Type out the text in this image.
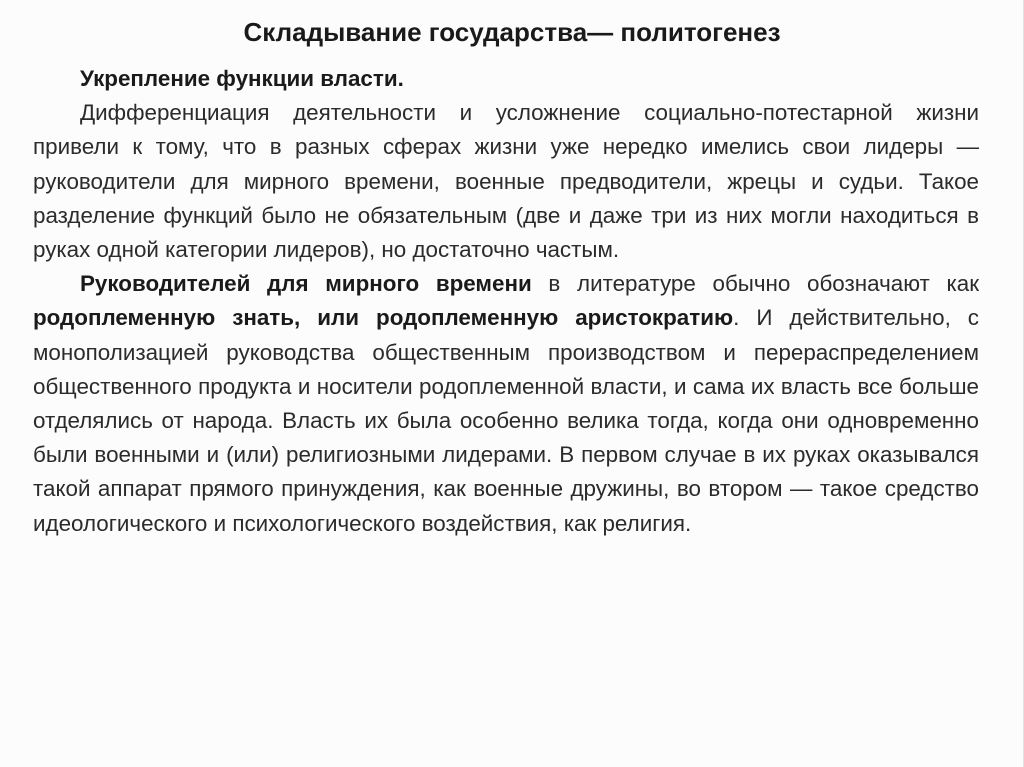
Складывание государства— политогенез

Укрепление функции власти.

Дифференциация деятельности и усложнение социально-потестарной жизни привели к тому, что в разных сферах жизни уже нередко имелись свои лидеры — руководители для мирного времени, военные предводители, жрецы и судьи. Такое разделение функций было не обязательным (две и даже три из них могли находиться в руках одной категории лидеров), но достаточно частым.

Руководителей для мирного времени в литературе обычно обозначают как родоплеменную знать, или родоплеменную аристократию. И действительно, с монополизацией руководства общественным производством и перераспределением общественного продукта и носители родоплеменной власти, и сама их власть все больше отделялись от народа. Власть их была особенно велика тогда, когда они одновременно были военными и (или) религиозными лидерами. В первом случае в их руках оказывался такой аппарат прямого принуждения, как военные дружины, во втором — такое средство идеологического и психологического воздействия, как религия.
